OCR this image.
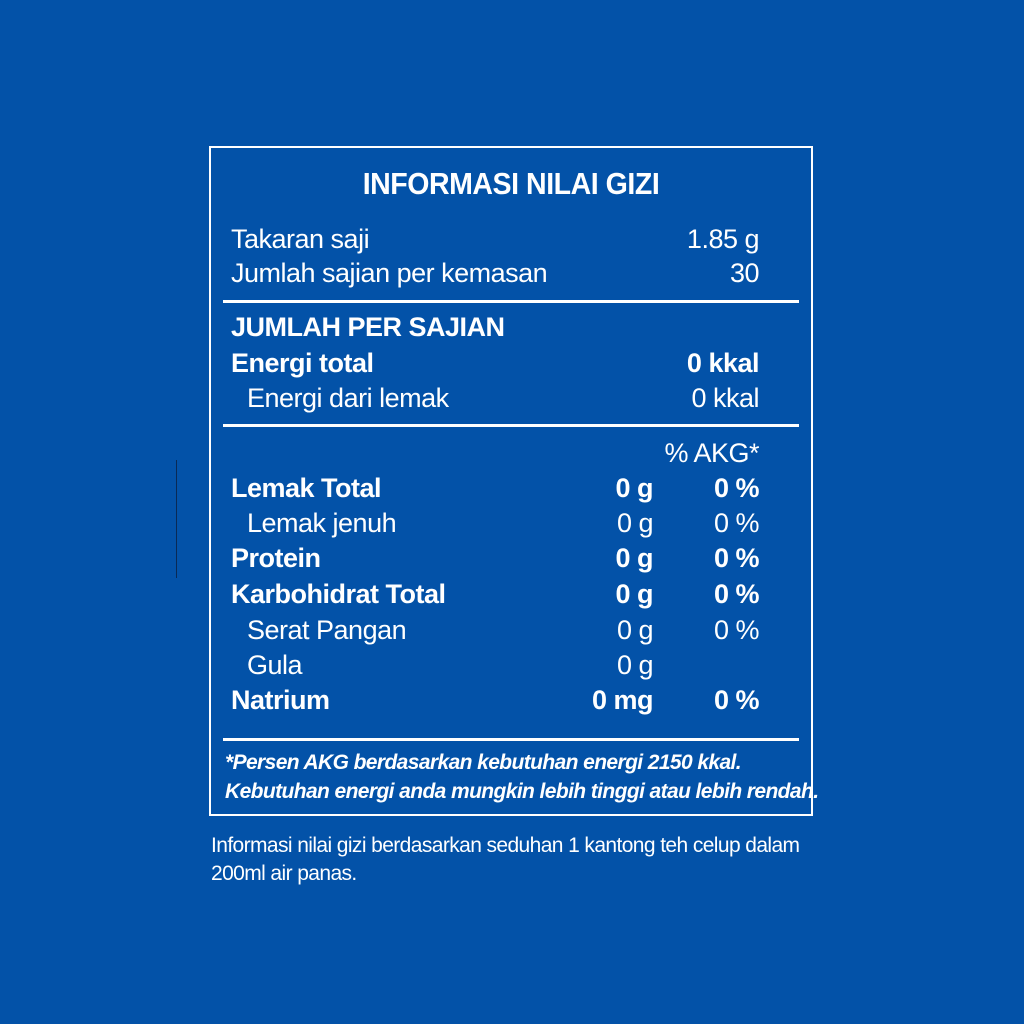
INFORMASI NILAI GIZI
Takaran saji	1.85 g
Jumlah sajian per kemasan	30
JUMLAH PER SAJIAN
Energi total	0 kkal
Energi dari lemak	0 kkal
% AKG*
Lemak Total	0 g 0 %
Lemak jenuh	0 g 0 %
Protein	0 g 0 %
Karbohidrat Total	0 g 0 %
Serat Pangan	0 g 0 %
Gula	0 g
Natrium	0 mg 0 %
*Persen AKG berdasarkan kebutuhan energi 2150 kkal.
Kebutuhan energi anda mungkin lebih tinggi atau lebih rendah.
Informasi nilai gizi berdasarkan seduhan 1 kantong teh celup dalam 200ml air panas.
